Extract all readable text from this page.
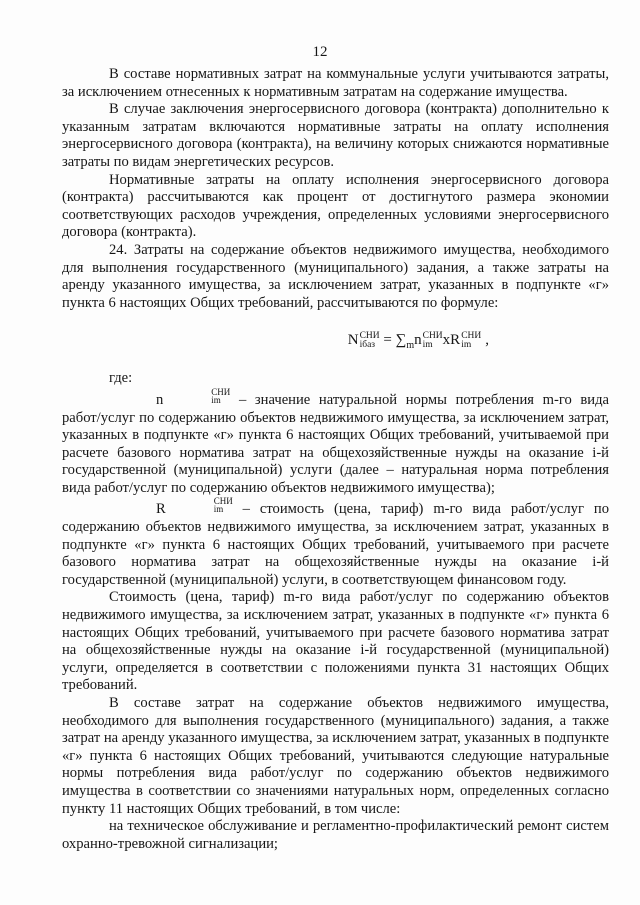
12

В составе нормативных затрат на коммунальные услуги учитываются затраты, за исключением отнесенных к нормативным затратам на содержание имущества.

В случае заключения энергосервисного договора (контракта) дополнительно к указанным затратам включаются нормативные затраты на оплату исполнения энергосервисного договора (контракта), на величину которых снижаются нормативные затраты по видам энергетических ресурсов.

Нормативные затраты на оплату исполнения энергосервисного договора (контракта) рассчитываются как процент от достигнутого размера экономии соответствующих расходов учреждения, определенных условиями энергосервисного договора (контракта).

24. Затраты на содержание объектов недвижимого имущества, необходимого для выполнения государственного (муниципального) задания, а также затраты на аренду указанного имущества, за исключением затрат, указанных в подпункте «г» пункта 6 настоящих Общих требований, рассчитываются по формуле:

N СНИ
iбаз = $\sum_mn$ СНИ
im xR СНИ
im ,

где:

n	СНИ
im – значение натуральной нормы потребления m-го вида работ/услуг по содержанию объектов недвижимого имущества, за исключением затрат, указанных в подпункте «г» пункта 6 настоящих Общих требований, учитываемой при расчете базового норматива затрат на общехозяйственные нужды на оказание i-й государственной (муниципальной) услуги (далее – натуральная норма потребления вида работ/услуг по содержанию объектов недвижимого имущества);

R	СНИ
im – стоимость (цена, тариф) m-го вида работ/услуг по содержанию объектов недвижимого имущества, за исключением затрат, указанных в подпункте «г» пункта 6 настоящих Общих требований, учитываемого при расчете базового норматива затрат на общехозяйственные нужды на оказание i-й государственной (муниципальной) услуги, в соответствующем финансовом году.

Стоимость (цена, тариф) m-го вида работ/услуг по содержанию объектов недвижимого имущества, за исключением затрат, указанных в подпункте «г» пункта 6 настоящих Общих требований, учитываемого при расчете базового норматива затрат на общехозяйственные нужды на оказание i-й государственной (муниципальной) услуги, определяется в соответствии с положениями пункта 31 настоящих Общих требований.

В составе затрат на содержание объектов недвижимого имущества, необходимого для выполнения государственного (муниципального) задания, а также затрат на аренду указанного имущества, за исключением затрат, указанных в подпункте «г» пункта 6 настоящих Общих требований, учитываются следующие натуральные нормы потребления вида работ/услуг по содержанию объектов недвижимого имущества в соответствии со значениями натуральных норм, определенных согласно пункту 11 настоящих Общих требований, в том числе:

на техническое обслуживание и регламентно-профилактический ремонт систем охранно-тревожной сигнализации;
